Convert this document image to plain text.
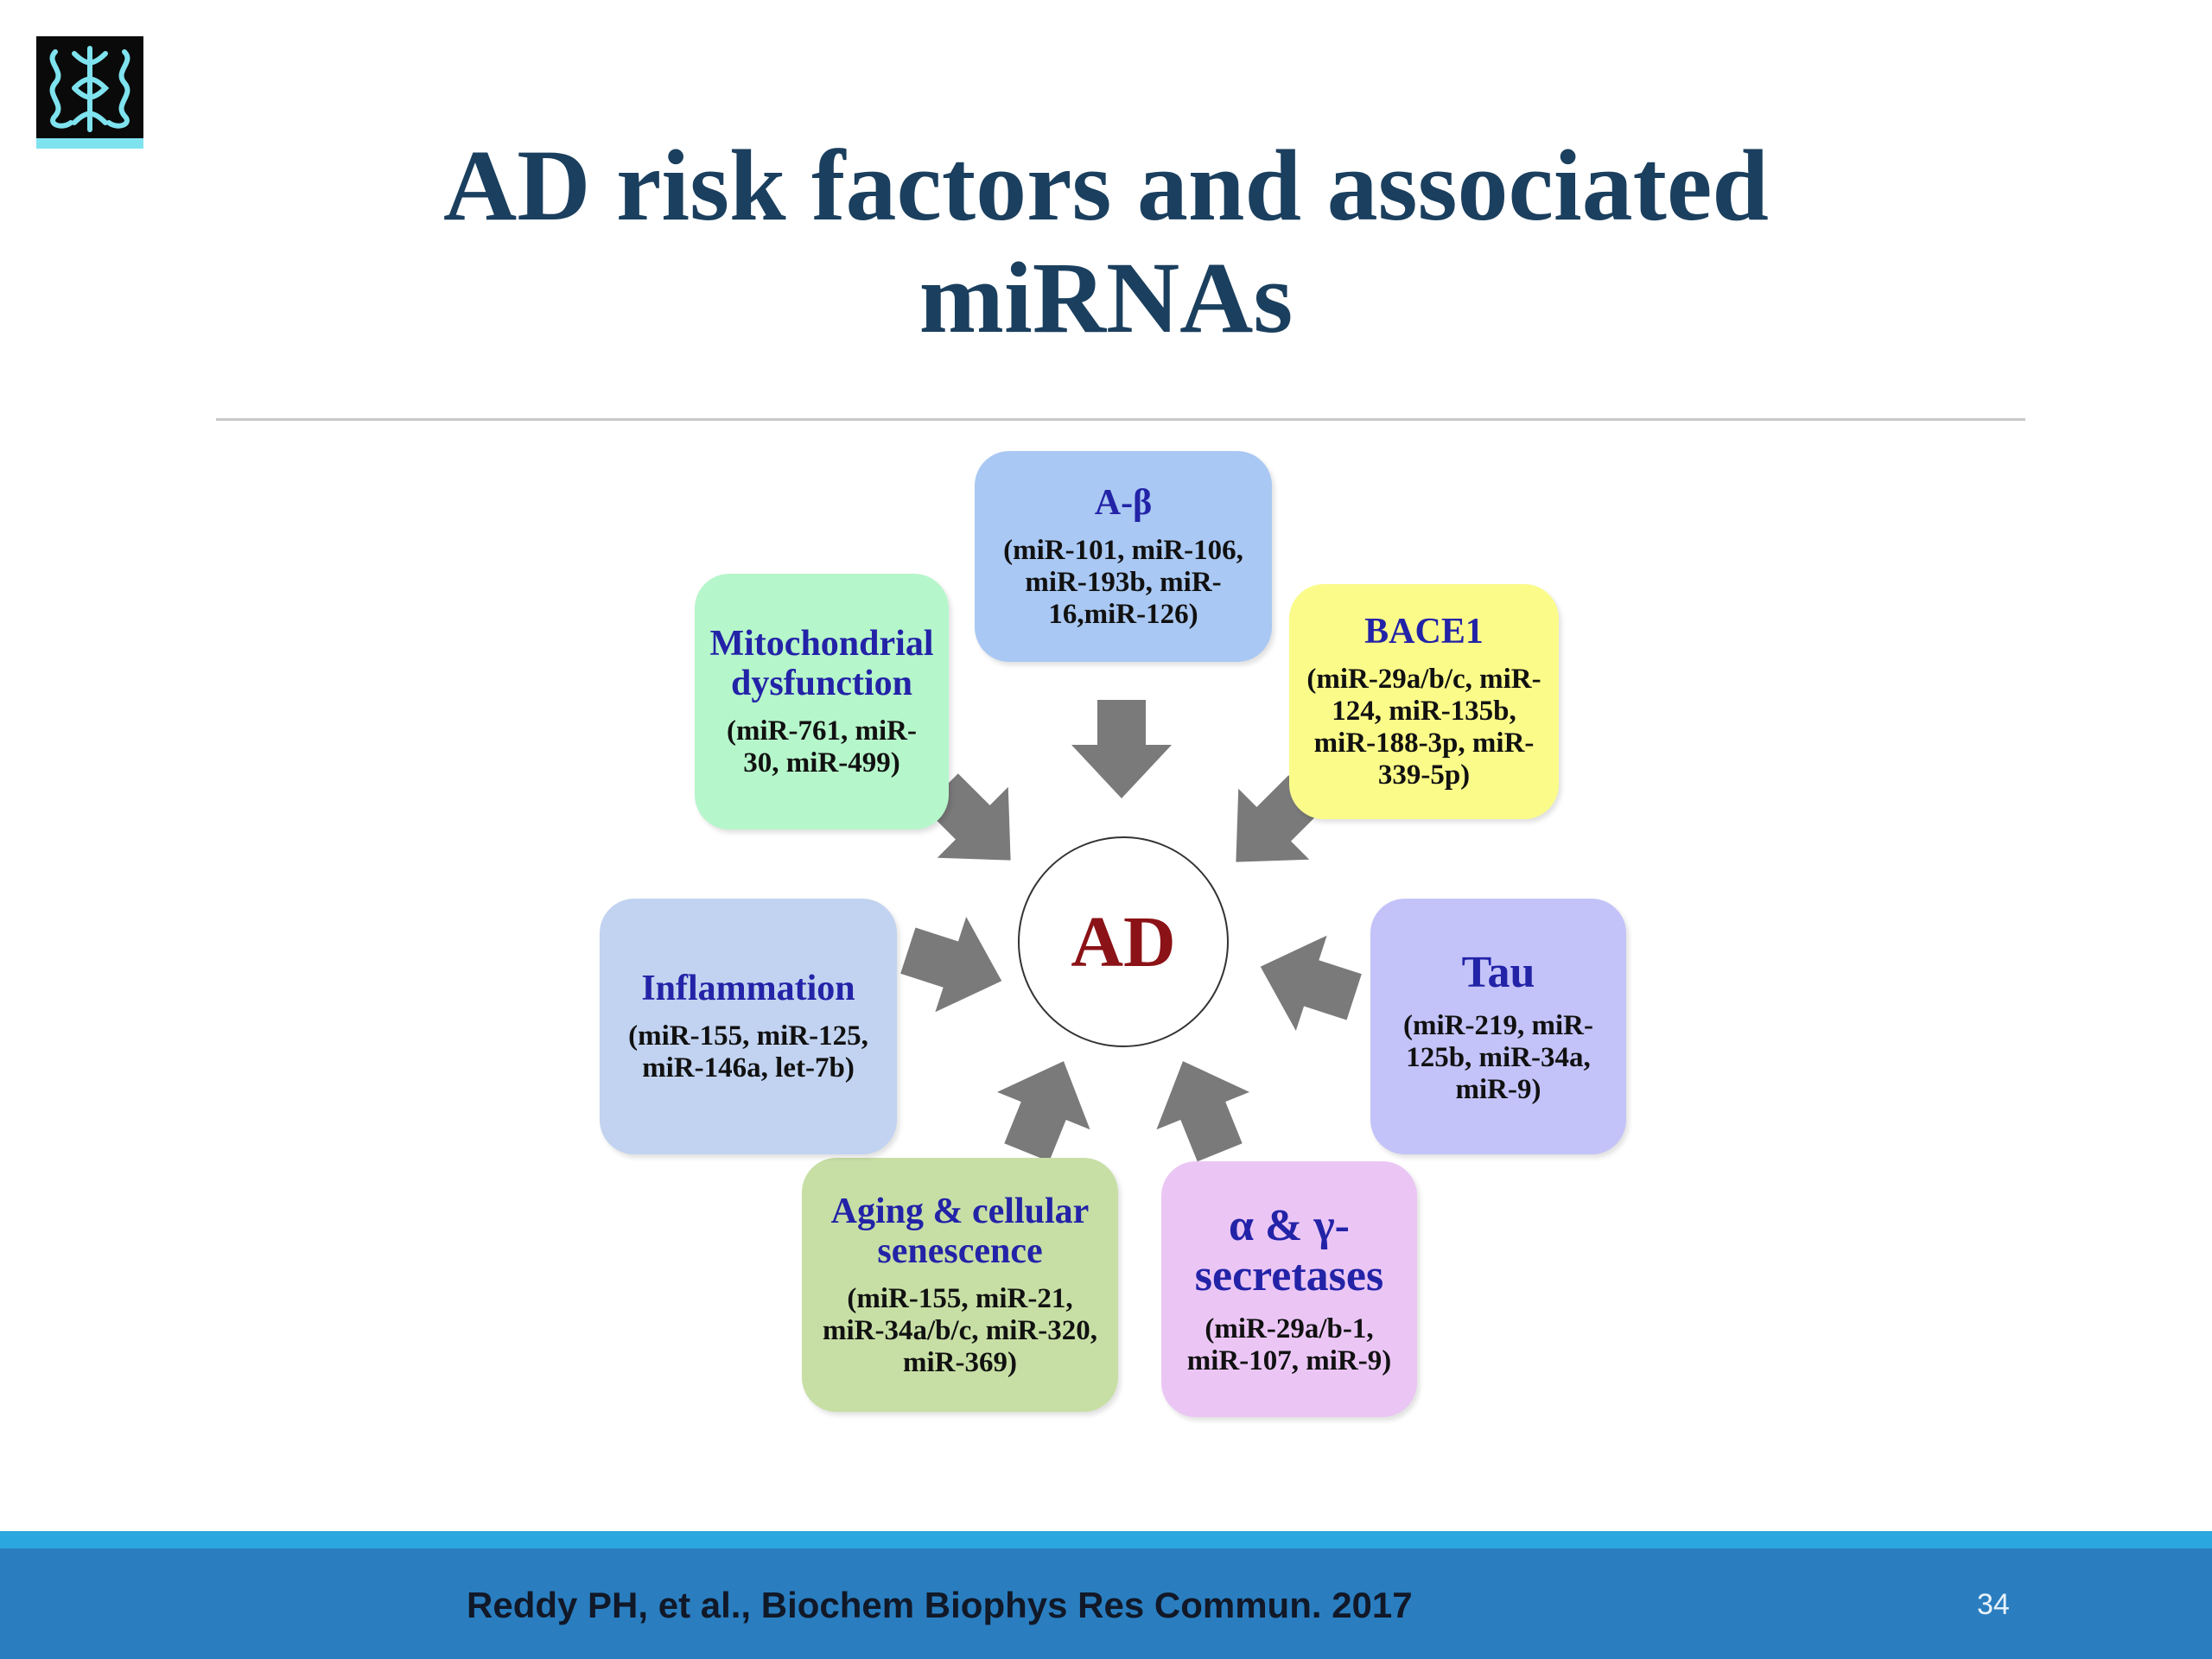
AD risk factors and associated
miRNAs
AD
A-β
(miR-101, miR-106, miR-193b, miR-16,miR-126)	BACE1
(miR-29a/b/c, miR-124, miR-135b, miR-188-3p, miR-339-5p)
Tau
(miR-219, miR-125b, miR-34a, miR-9)
α & γ-secretases
(miR-29a/b-1, miR-107, miR-9)
Aging & cellular senescence
(miR-155, miR-21, miR-34a/b/c, miR-320, miR-369)
Inflammation
(miR-155, miR-125, miR-146a, let-7b)
Mitochondrial dysfunction
(miR-761, miR-30, miR-499)
Reddy PH, et al., Biochem Biophys Res Commun. 2017	34
